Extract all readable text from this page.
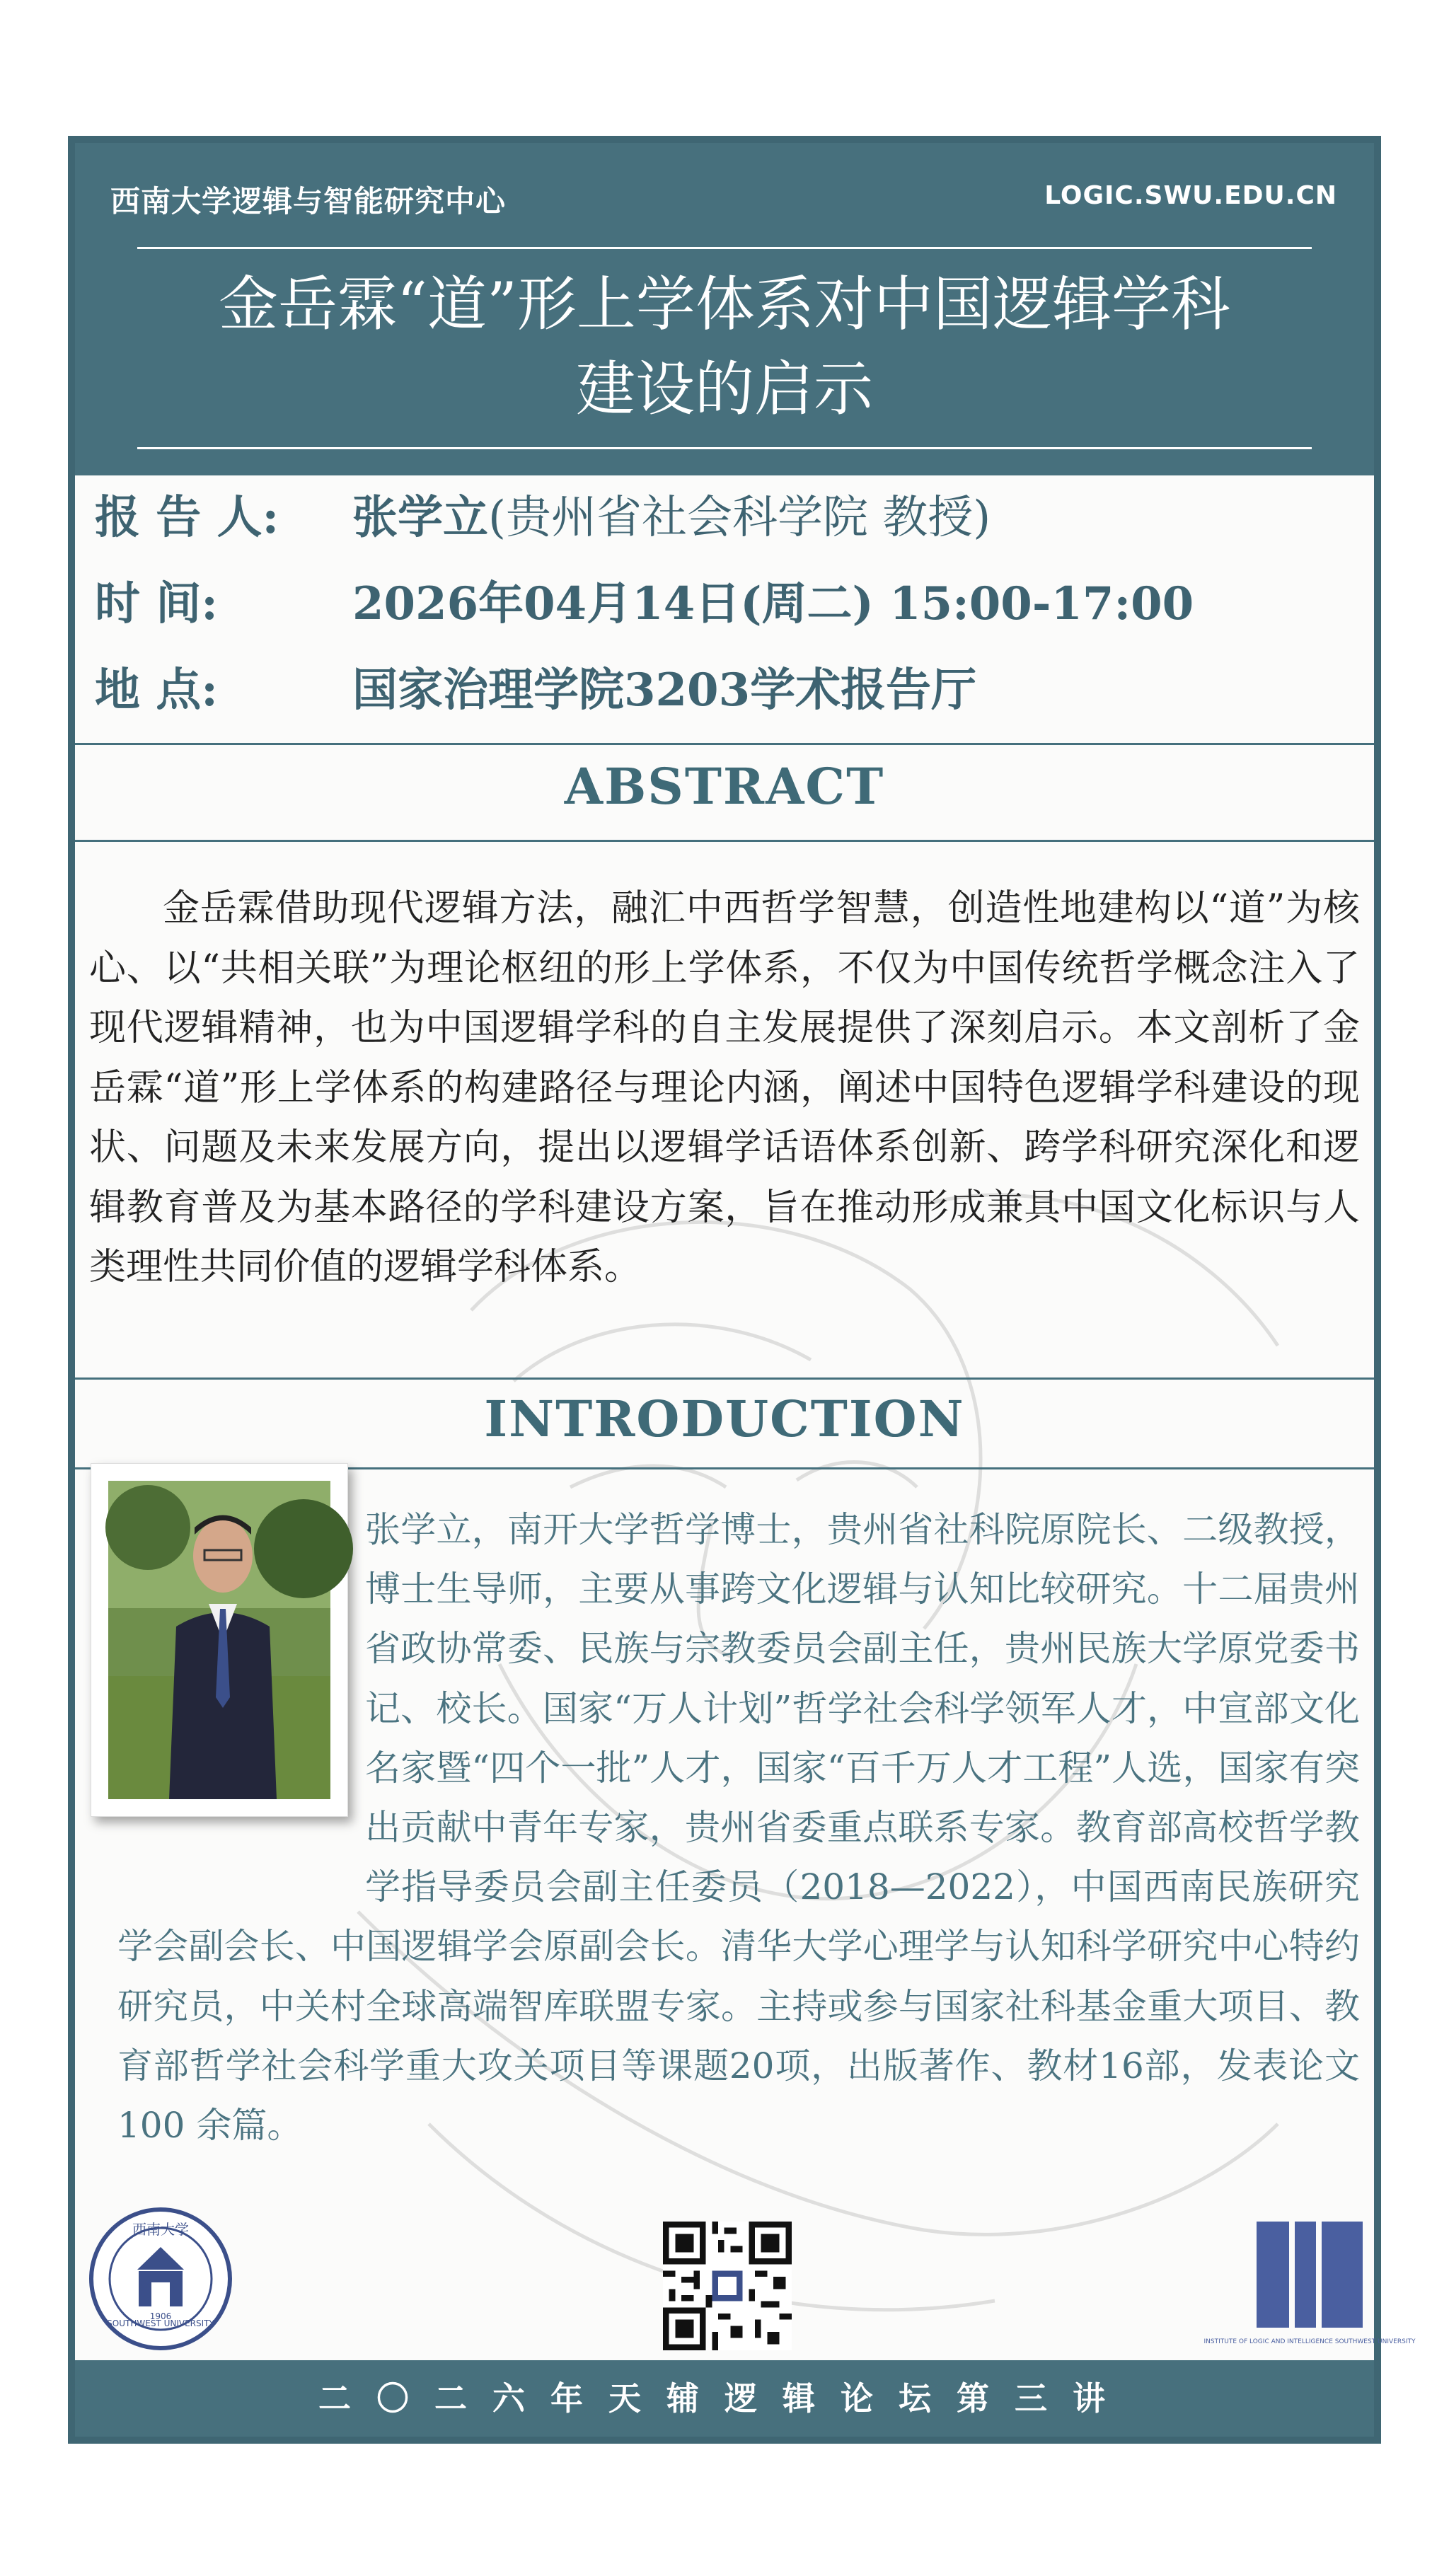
西南大学逻辑与智能研究中心	LOGIC.SWU.EDU.CN
金岳霖“道”形上学体系对中国逻辑学科
建设的启示
报 告 人: 张学立(贵州省社会科学院 教授)
时 间:	2026年04月14日(周二) 15:00-17:00
地 点:	国家治理学院3203学术报告厅
ABSTRACT
金岳霖借助现代逻辑方法，融汇中西哲学智慧，创造性地建构以“道”为核心、以“共相关联”为理论枢纽的形上学体系，不仅为中国传统哲学概念注入了现代逻辑精神，也为中国逻辑学科的自主发展提供了深刻启示。本文剖析了金岳霖“道”形上学体系的构建路径与理论内涵，阐述中国特色逻辑学科建设的现状、问题及未来发展方向，提出以逻辑学话语体系创新、跨学科研究深化和逻辑教育普及为基本路径的学科建设方案，旨在推动形成兼具中国文化标识与人类理性共同价值的逻辑学科体系。
INTRODUCTION
张学立，南开大学哲学博士，贵州省社科院原院长、二级教授，博士生导师，主要从事跨文化逻辑与认知比较研究。十二届贵州省政协常委、民族与宗教委员会副主任，贵州民族大学原党委书记、校长。国家“万人计划”哲学社会科学领军人才，中宣部文化名家暨“四个一批”人才，国家“百千万人才工程”人选，国家有突出贡献中青年专家，贵州省委重点联系专家。教育部高校哲学教学指导委员会副主任委员（2018—2022），中国西南民族研究学会副会长、中国逻辑学会原副会长。清华大学心理学与认知科学研究中心特约研究员，中关村全球高端智库联盟专家。主持或参与国家社科基金重大项目、教育部哲学社会科学重大攻关项目等课题20项，出版著作、教材16部，发表论文100 余篇。
西南大学
SOUTHWEST UNIVERSITY
1906
INSTITUTE OF LOGIC AND INTELLIGENCE SOUTHWEST UNIVERSITY
二〇二六年天辅逻辑论坛第三讲
